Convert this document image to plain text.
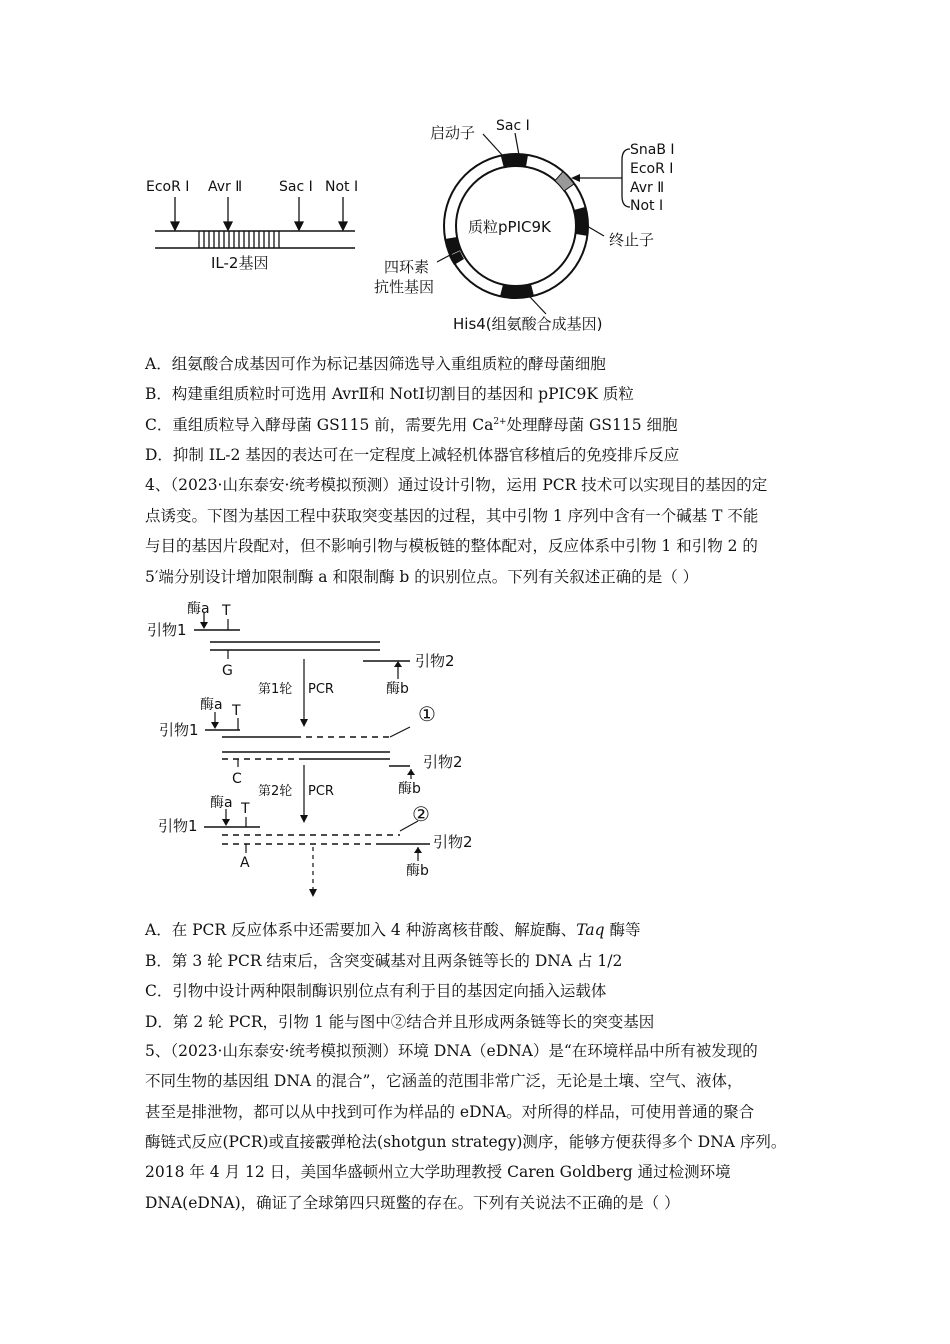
EcoR Ⅰ Avr Ⅱ	Sac Ⅰ Not Ⅰ
IL-2基因
启动子 Sac Ⅰ
质粒pPIC9K
SnaB Ⅰ
EcoR Ⅰ
Avr Ⅱ
Not Ⅰ
终止子
四环素
抗性基因
His4(组氨酸合成基因)
A．组氨酸合成基因可作为标记基因筛选导入重组质粒的酵母菌细胞
B．构建重组质粒时可选用 AvrⅡ和 NotⅠ切割目的基因和 pPIC9K 质粒
C．重组质粒导入酵母菌 GS115 前，需要先用 $Ca^{2+}$处理酵母菌 GS115 细胞
D．抑制 IL-2 基因的表达可在一定程度上减轻机体器官移植后的免疫排斥反应
4、（2023·山东泰安·统考模拟预测）通过设计引物，运用 PCR 技术可以实现目的基因的定
点诱变。下图为基因工程中获取突变基因的过程，其中引物 1 序列中含有一个碱基 T 不能
与目的基因片段配对，但不影响引物与模板链的整体配对，反应体系中引物 1 和引物 2 的
5′端分别设计增加限制酶 a 和限制酶 b 的识别位点。下列有关叙述正确的是（ ）
酶a T
引物1
G
引物2
酶b
第1轮 PCR
酶a T
引物1
①
C
引物2
酶b
第2轮 PCR
酶a T
引物1	②
引物2
A	酶b
A．在 PCR 反应体系中还需要加入 4 种游离核苷酸、解旋酶、Taq 酶等
B．第 3 轮 PCR 结束后，含突变碱基对且两条链等长的 DNA 占 1/2
C．引物中设计两种限制酶识别位点有利于目的基因定向插入运载体
D．第 2 轮 PCR，引物 1 能与图中②结合并且形成两条链等长的突变基因
5、（2023·山东泰安·统考模拟预测）环境 DNA（eDNA）是“在环境样品中所有被发现的
不同生物的基因组 DNA 的混合”，它涵盖的范围非常广泛，无论是土壤、空气、液体，
甚至是排泄物，都可以从中找到可作为样品的 eDNA。对所得的样品，可使用普通的聚合
酶链式反应(PCR)或直接霰弹枪法(shotgun strategy)测序，能够方便获得多个 DNA 序列。
2018 年 4 月 12 日，美国华盛顿州立大学助理教授 Caren Goldberg 通过检测环境
DNA(eDNA)，确证了全球第四只斑鳖的存在。下列有关说法不正确的是（ ）
